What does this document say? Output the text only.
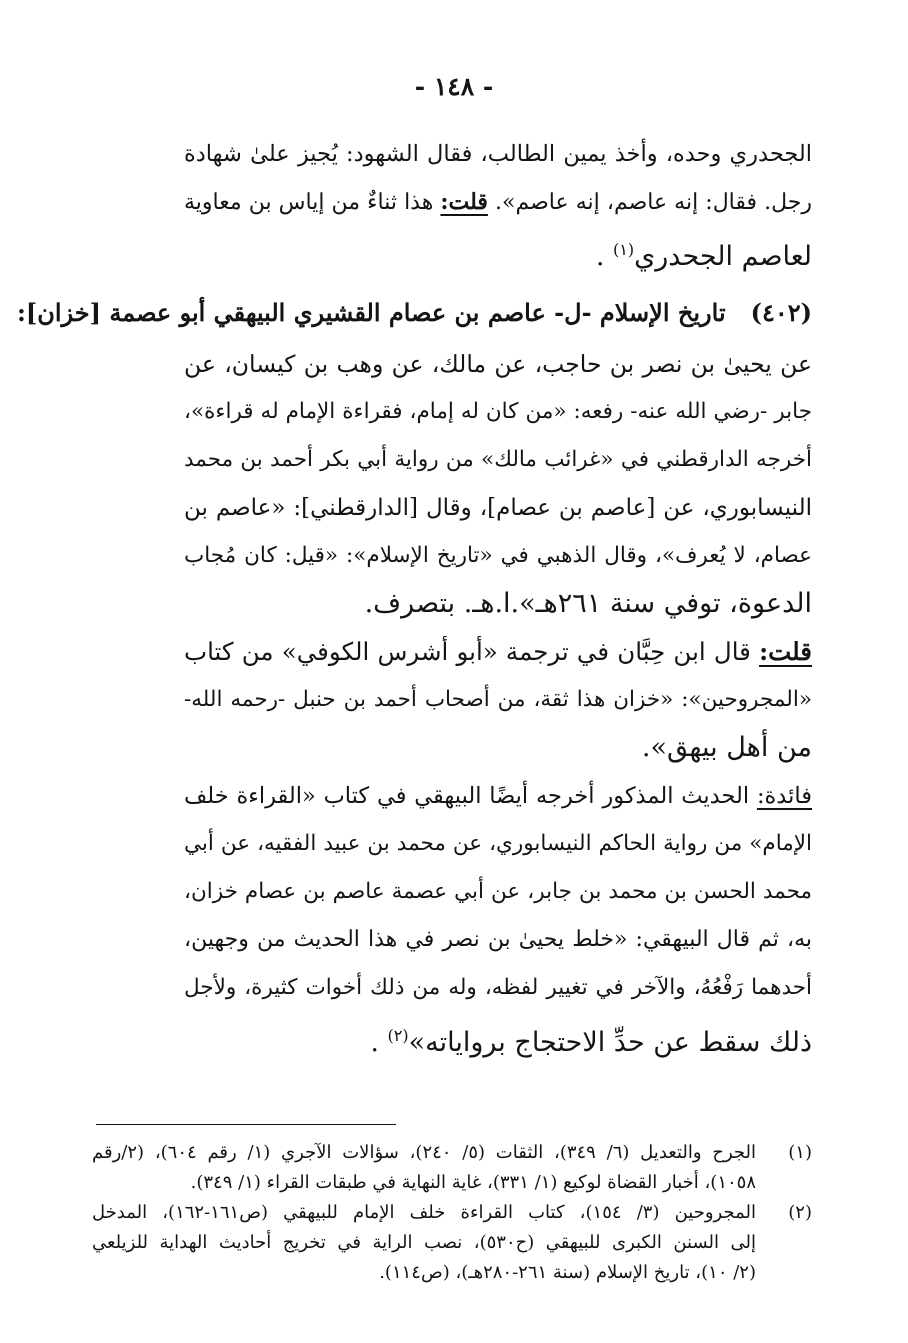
- ١٤٨ -
الجحدري وحده، وأخذ يمين الطالب، فقال الشهود: يُجيز علىٰ شهادة
رجل. فقال: إنه عاصم، إنه عاصم». قلت: هذا ثناءٌ من إياس بن معاوية
لعاصم الجحدري$^{(١)}$ .
(٤٠٢) تاريخ الإسلام -ل- عاصم بن عصام القشيري البيهقي أبو عصمة [خزان]:
عن يحيىٰ بن نصر بن حاجب، عن مالك، عن وهب بن كيسان، عن
جابر -رضي الله عنه- رفعه: «من كان له إمام، فقراءة الإمام له قراءة»،
أخرجه الدارقطني في «غرائب مالك» من رواية أبي بكر أحمد بن محمد
النيسابوري، عن [عاصم بن عصام]، وقال [الدارقطني]: «عاصم بن
عصام، لا يُعرف»، وقال الذهبي في «تاريخ الإسلام»: «قيل: كان مُجاب
الدعوة، توفي سنة ٢٦١هـ».ا.هـ. بتصرف.
قلت: قال ابن حِبَّان في ترجمة «أبو أشرس الكوفي» من كتاب
«المجروحين»: «خزان هذا ثقة، من أصحاب أحمد بن حنبل -رحمه الله-
من أهل بيهق».
فائدة: الحديث المذكور أخرجه أيضًا البيهقي في كتاب «القراءة خلف
الإمام» من رواية الحاكم النيسابوري، عن محمد بن عبيد الفقيه، عن أبي
محمد الحسن بن محمد بن جابر، عن أبي عصمة عاصم بن عصام خزان،
به، ثم قال البيهقي: «خلط يحيىٰ بن نصر في هذا الحديث من وجهين،
أحدهما رَفْعُهُ، والآخر في تغيير لفظه، وله من ذلك أخوات كثيرة، ولأجل
ذلك سقط عن حدِّ الاحتجاج برواياته»$^{(٢)}$ .
(١)
الجرح والتعديل (٦/ ٣٤٩)، الثقات (٥/ ٢٤٠)، سؤالات الآجري (١/ رقم ٦٠٤)، (٢/رقم
١٠٥٨)، أخبار القضاة لوكيع (١/ ٣٣١)، غاية النهاية في طبقات القراء (١/ ٣٤٩).
(٢)
المجروحين (٣/ ١٥٤)، كتاب القراءة خلف الإمام للبيهقي (ص١٦١-١٦٢)، المدخل
إلى السنن الكبرى للبيهقي (ح٥٣٠)، نصب الراية في تخريج أحاديث الهداية للزيلعي
(٢/ ١٠)، تاريخ الإسلام (سنة ٢٦١-٢٨٠هـ)، (ص١١٤).
